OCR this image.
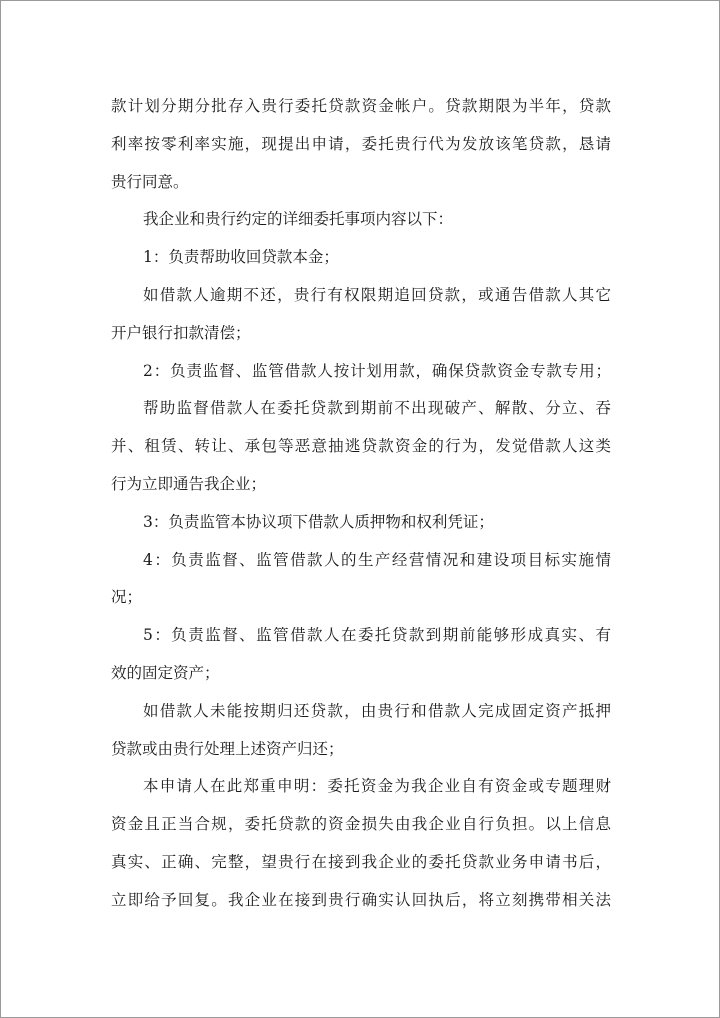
款计划分期分批存入贵行委托贷款资金帐户。贷款期限为半年，贷款
利率按零利率实施，现提出申请，委托贵行代为发放该笔贷款，恳请
贵行同意。
我企业和贵行约定的详细委托事项内容以下：
1：负责帮助收回贷款本金；
如借款人逾期不还，贵行有权限期追回贷款，或通告借款人其它
开户银行扣款清偿；
2：负责监督、监管借款人按计划用款，确保贷款资金专款专用；
帮助监督借款人在委托贷款到期前不出现破产、解散、分立、吞
并、租赁、转让、承包等恶意抽逃贷款资金的行为，发觉借款人这类
行为立即通告我企业；
3：负责监管本协议项下借款人质押物和权利凭证；
4：负责监督、监管借款人的生产经营情况和建设项目标实施情
况；
5：负责监督、监管借款人在委托贷款到期前能够形成真实、有
效的固定资产；
如借款人未能按期归还贷款，由贵行和借款人完成固定资产抵押
贷款或由贵行处理上述资产归还；
本申请人在此郑重申明：委托资金为我企业自有资金或专题理财
资金且正当合规，委托贷款的资金损失由我企业自行负担。以上信息
真实、正确、完整，望贵行在接到我企业的委托贷款业务申请书后，
立即给予回复。我企业在接到贵行确实认回执后，将立刻携带相关法
